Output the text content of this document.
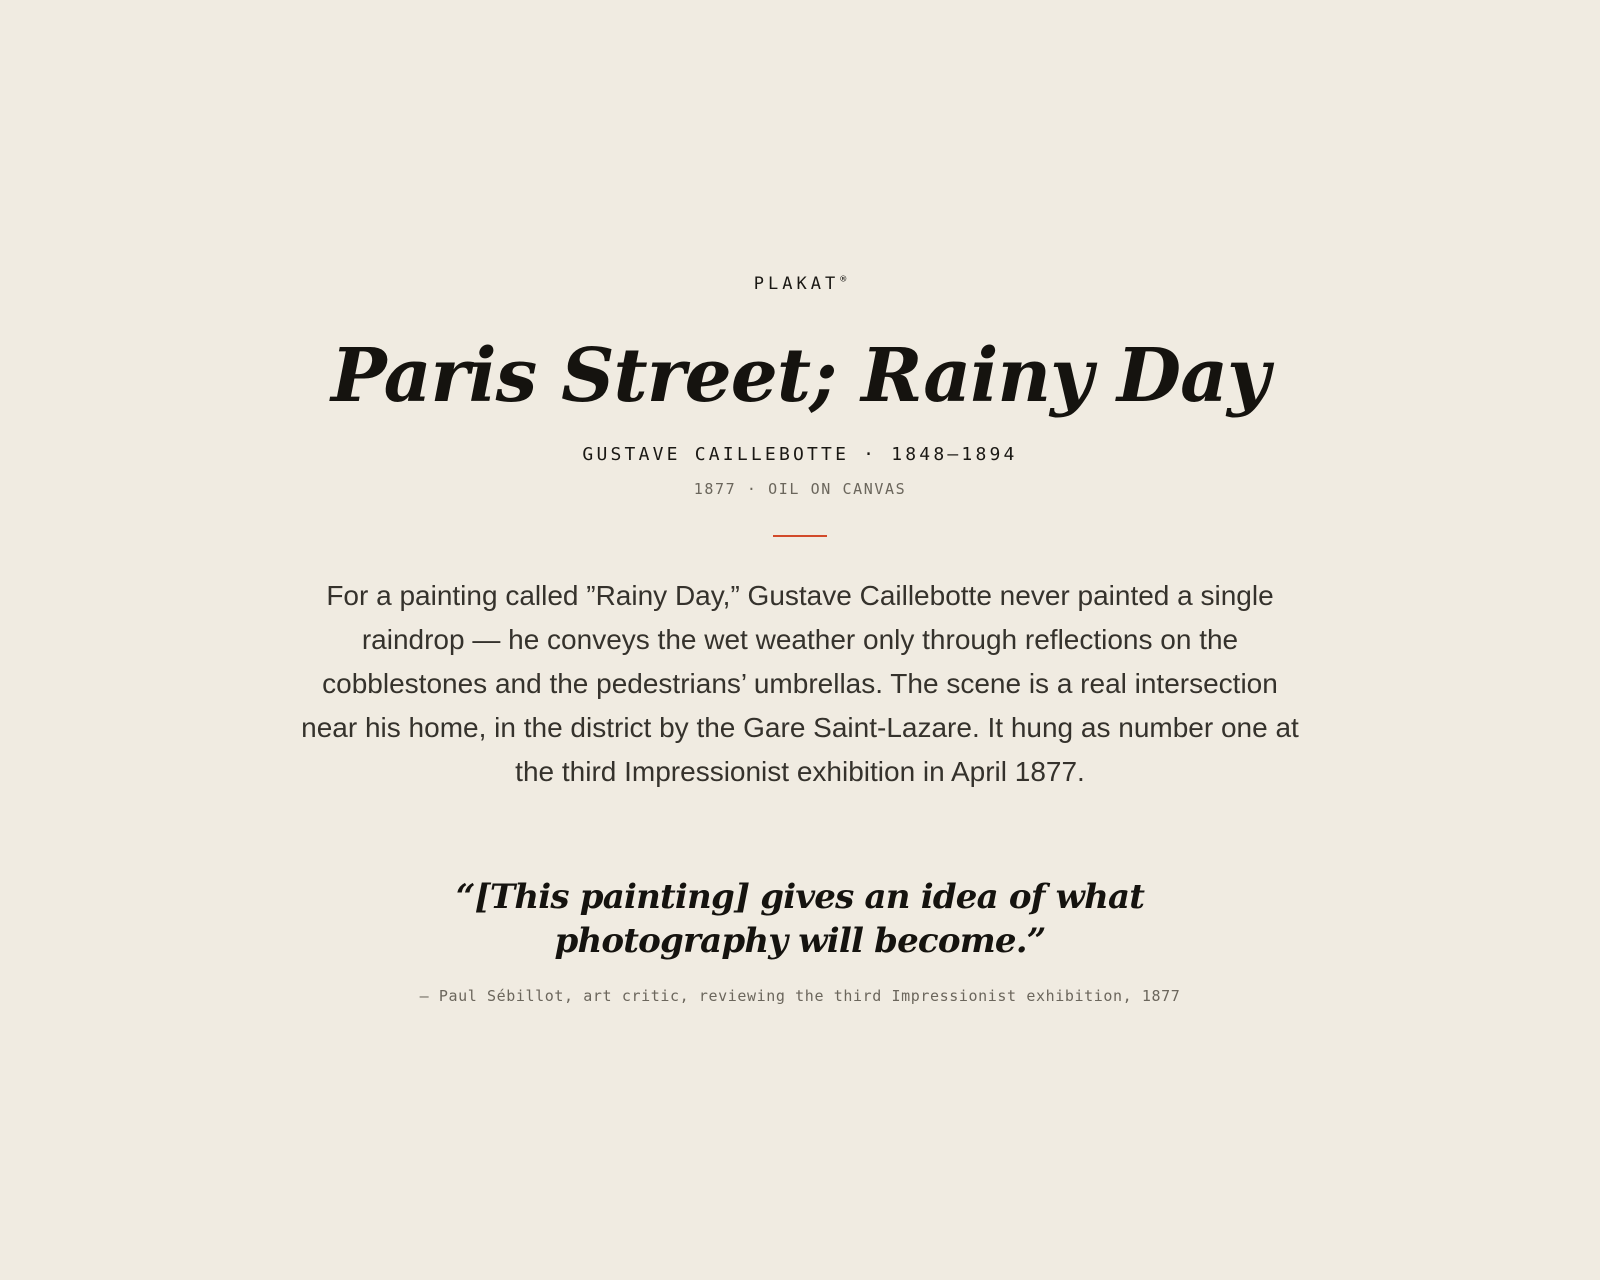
PLAKAT®
Paris Street; Rainy Day
GUSTAVE CAILLEBOTTE · 1848–1894
1877 · OIL ON CANVAS

For a painting called ”Rainy Day,” Gustave Caillebotte never painted a single raindrop — he conveys the wet weather only through reflections on the cobblestones and the pedestrians’ umbrellas. The scene is a real intersection near his home, in the district by the Gare Saint-Lazare. It hung as number one at the third Impressionist exhibition in April 1877.

“[This painting] gives an idea of what photography will become.”

— Paul Sébillot, art critic, reviewing the third Impressionist exhibition, 1877
